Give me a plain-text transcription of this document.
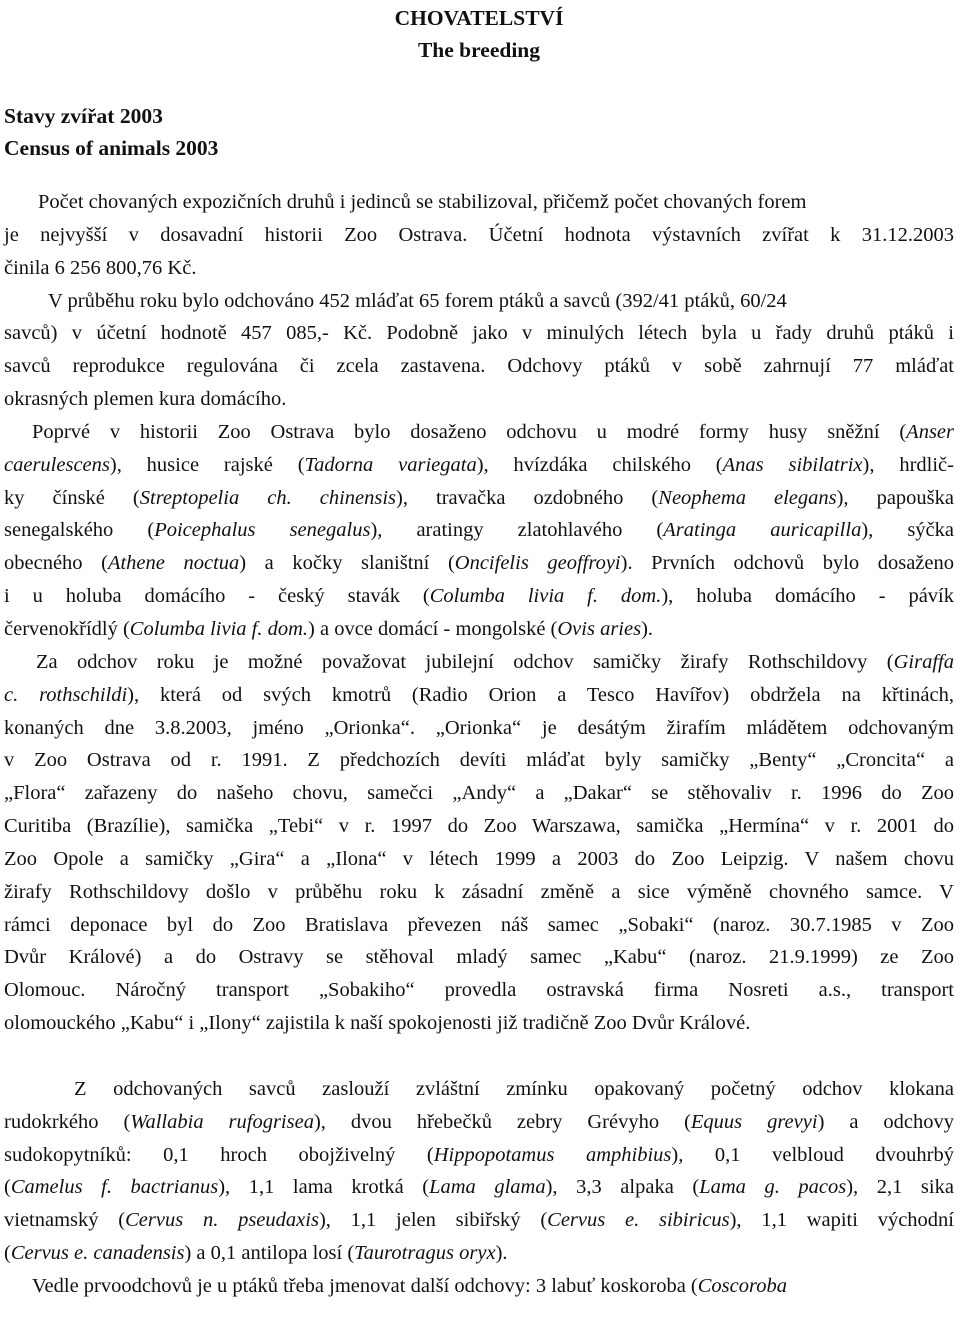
CHOVATELSTVÍ
The breeding
Stavy zvířat 2003
Census of animals 2003
Počet chovaných expozičních druhů i jedinců se stabilizoval, přičemž počet chovaných forem
je nejvyšší v dosavadní historii Zoo Ostrava. Účetní hodnota výstavních zvířat k 31.12.2003
činila 6 256 800,76 Kč.
V průběhu roku bylo odchováno 452 mláďat 65 forem ptáků a savců (392/41 ptáků, 60/24
savců) v účetní hodnotě 457 085,- Kč. Podobně jako v minulých létech byla u řady druhů ptáků i
savců reprodukce regulována či zcela zastavena. Odchovy ptáků v sobě zahrnují 77 mláďat
okrasných plemen kura domácího.
Poprvé v historii Zoo Ostrava bylo dosaženo odchovu u modré formy husy sněžní (Anser
caerulescens), husice rajské (Tadorna variegata), hvízdáka chilského (Anas sibilatrix), hrdlič-
ky čínské (Streptopelia ch. chinensis), travačka ozdobného (Neophema elegans), papouška
senegalského (Poicephalus senegalus), aratingy zlatohlavého (Aratinga auricapilla), sýčka
obecného (Athene noctua) a kočky slaništní (Oncifelis geoffroyi). Prvních odchovů bylo dosaženo
i u holuba domácího - český stavák (Columba livia f. dom.), holuba domácího - pávík
červenokřídlý (Columba livia f. dom.) a ovce domácí - mongolské (Ovis aries).
Za odchov roku je možné považovat jubilejní odchov samičky žirafy Rothschildovy (Giraffa
c. rothschildi), která od svých kmotrů (Radio Orion a Tesco Havířov) obdržela na křtinách,
konaných dne 3.8.2003, jméno „Orionka“. „Orionka“ je desátým žirafím mládětem odchovaným
v Zoo Ostrava od r. 1991. Z předchozích devíti mláďat byly samičky „Benty“ „Croncita“ a
„Flora“ zařazeny do našeho chovu, samečci „Andy“ a „Dakar“ se stěhovaliv r. 1996 do Zoo
Curitiba (Brazílie), samička „Tebi“ v r. 1997 do Zoo Warszawa, samička „Hermína“ v r. 2001 do
Zoo Opole a samičky „Gira“ a „Ilona“ v létech 1999 a 2003 do Zoo Leipzig. V našem chovu
žirafy Rothschildovy došlo v průběhu roku k zásadní změně a sice výměně chovného samce. V
rámci deponace byl do Zoo Bratislava převezen náš samec „Sobaki“ (naroz. 30.7.1985 v Zoo
Dvůr Králové) a do Ostravy se stěhoval mladý samec „Kabu“ (naroz. 21.9.1999) ze Zoo
Olomouc. Náročný transport „Sobakiho“ provedla ostravská firma Nosreti a.s., transport
olomouckého „Kabu“ i „Ilony“ zajistila k naší spokojenosti již tradičně Zoo Dvůr Králové.
Z odchovaných savců zaslouží zvláštní zmínku opakovaný početný odchov klokana
rudokrkého (Wallabia rufogrisea), dvou hřebečků zebry Grévyho (Equus grevyi) a odchovy
sudokopytníků: 0,1 hroch obojživelný (Hippopotamus amphibius), 0,1 velbloud dvouhrbý
(Camelus f. bactrianus), 1,1 lama krotká (Lama glama), 3,3 alpaka (Lama g. pacos), 2,1 sika
vietnamský (Cervus n. pseudaxis), 1,1 jelen sibiřský (Cervus e. sibiricus), 1,1 wapiti východní
(Cervus e. canadensis) a 0,1 antilopa losí (Taurotragus oryx).
Vedle prvoodchovů je u ptáků třeba jmenovat další odchovy: 3 labuť koskoroba (Coscoroba
